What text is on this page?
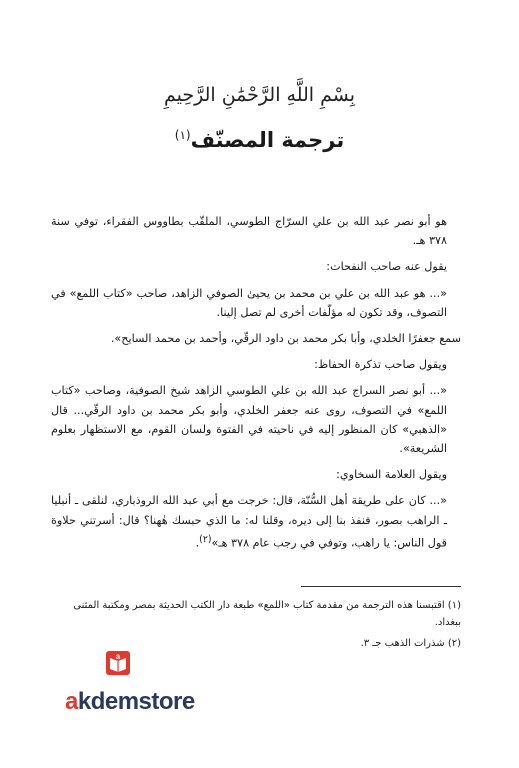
بِسْمِ اللَّهِ الرَّحْمَٰنِ الرَّحِيمِ
ترجمة المصنّف$^{(١)}$

هو أبو نصر عبد الله بن علي السرّاج الطوسي، الملقّب بطاووس الفقراء، توفي سنة ٣٧٨ هـ.

يقول عنه صاحب النفحات:

«... هو عبد الله بن علي بن محمد بن يحيىٰ الصوفي الزاهد، صاحب «كتاب اللمع» في التصوف، وقد تكون له مؤلّفات أخرى لم تصل إلينا.

سمع جعفرًا الخلدي، وأبا بكر محمد بن داود الرقّي، وأحمد بن محمد السايح».

ويقول صاحب تذكرة الحفاظ:

«... أبو نصر السراج عبد الله بن علي الطوسي الزاهد شيخ الصوفية، وصاحب «كتاب اللمع» في التصوف، روى عنه جعفر الخلدي، وأبو بكر محمد بن داود الرقّي... قال «الذهبي» كان المنظور إليه في ناحيته في الفتوة ولسان القوم، مع الاستظهار بعلوم الشريعة».

ويقول العلامة السخاوي:

«... كان على طريقة أهل السُّنّة، قال: خرجت مع أبي عبد الله الروذباري، لنلقى ـ أنبليا ـ الراهب بصور، فنفذ بنا إلى ديره، وقلنا له: ما الذي حبسك هٰهنا؟ قال: أسرتني حلاوة قول الناس: يا راهب، وتوفي في رجب عام ٣٧٨ هـ»$^{(٢)}$.

(١) اقتبسنا هذه الترجمة من مقدمة كتاب «اللمع» طبعة دار الكتب الحديثة بمصر ومكتبة المثنى ببغداد.

(٢) شذرات الذهب جـ ٣.

a
akdemstore
